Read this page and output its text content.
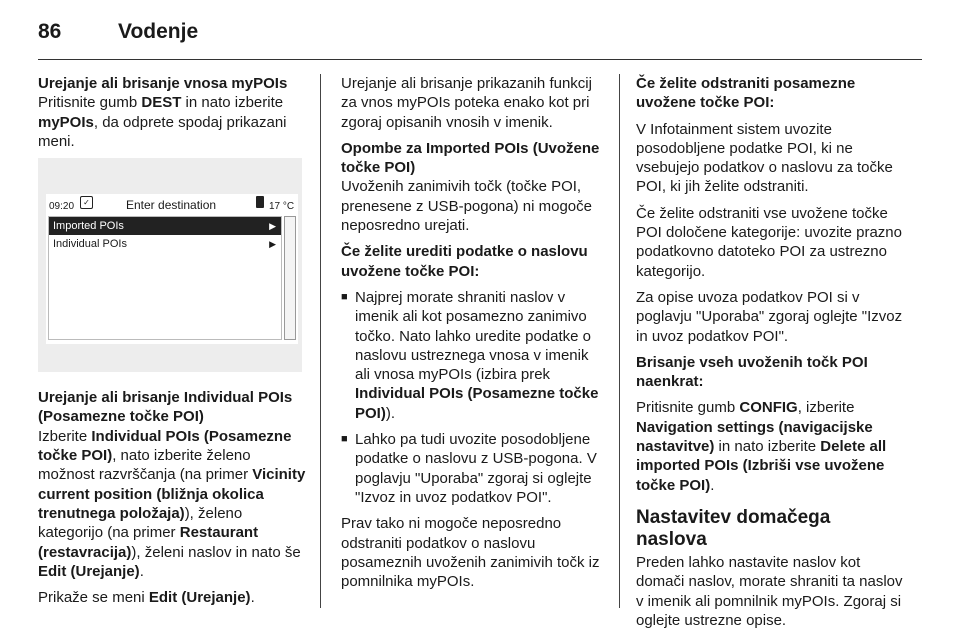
86	Vodenje

Urejanje ali brisanje vnosa myPOIs
Pritisnite gumb DEST in nato izberite myPOIs, da odprete spodaj prikazani meni.

09:20	✓	Enter destination	17 °C
Imported POIs	▶
Individual POIs	▶

Urejanje ali brisanje Individual POIs (Posamezne točke POI)
Izberite Individual POIs (Posamezne točke POI), nato izberite želeno možnost razvrščanja (na primer Vicinity current position (bližnja okolica trenutnega položaja)), želeno kategorijo (na primer Restaurant (restavracija)), želeni naslov in nato še Edit (Urejanje).

Prikaže se meni Edit (Urejanje).

Urejanje ali brisanje prikazanih funkcij za vnos myPOIs poteka enako kot pri zgoraj opisanih vnosih v imenik.

Opombe za Imported POIs (Uvožene točke POI)
Uvoženih zanimivih točk (točke POI, prenesene z USB-pogona) ni mogoče neposredno urejati.

Če želite urediti podatke o naslovu uvožene točke POI:

■ Najprej morate shraniti naslov v imenik ali kot posamezno zanimivo točko. Nato lahko uredite podatke o naslovu ustreznega vnosa v imenik ali vnosa myPOIs (izbira prek Individual POIs (Posamezne točke POI)).
■ Lahko pa tudi uvozite posodobljene podatke o naslovu z USB-pogona. V poglavju "Uporaba" zgoraj si oglejte "Izvoz in uvoz podatkov POI".

Prav tako ni mogoče neposredno odstraniti podatkov o naslovu posameznih uvoženih zanimivih točk iz pomnilnika myPOIs.

Če želite odstraniti posamezne uvožene točke POI:

V Infotainment sistem uvozite posodobljene podatke POI, ki ne vsebujejo podatkov o naslovu za točke POI, ki jih želite odstraniti.

Če želite odstraniti vse uvožene točke POI določene kategorije: uvozite prazno podatkovno datoteko POI za ustrezno kategorijo.

Za opise uvoza podatkov POI si v poglavju "Uporaba" zgoraj oglejte "Izvoz in uvoz podatkov POI".

Brisanje vseh uvoženih točk POI naenkrat:

Pritisnite gumb CONFIG, izberite Navigation settings (navigacijske nastavitve) in nato izberite Delete all imported POIs (Izbriši vse uvožene točke POI).

Nastavitev domačega naslova

Preden lahko nastavite naslov kot domači naslov, morate shraniti ta naslov v imenik ali pomnilnik myPOIs. Zgoraj si oglejte ustrezne opise.
